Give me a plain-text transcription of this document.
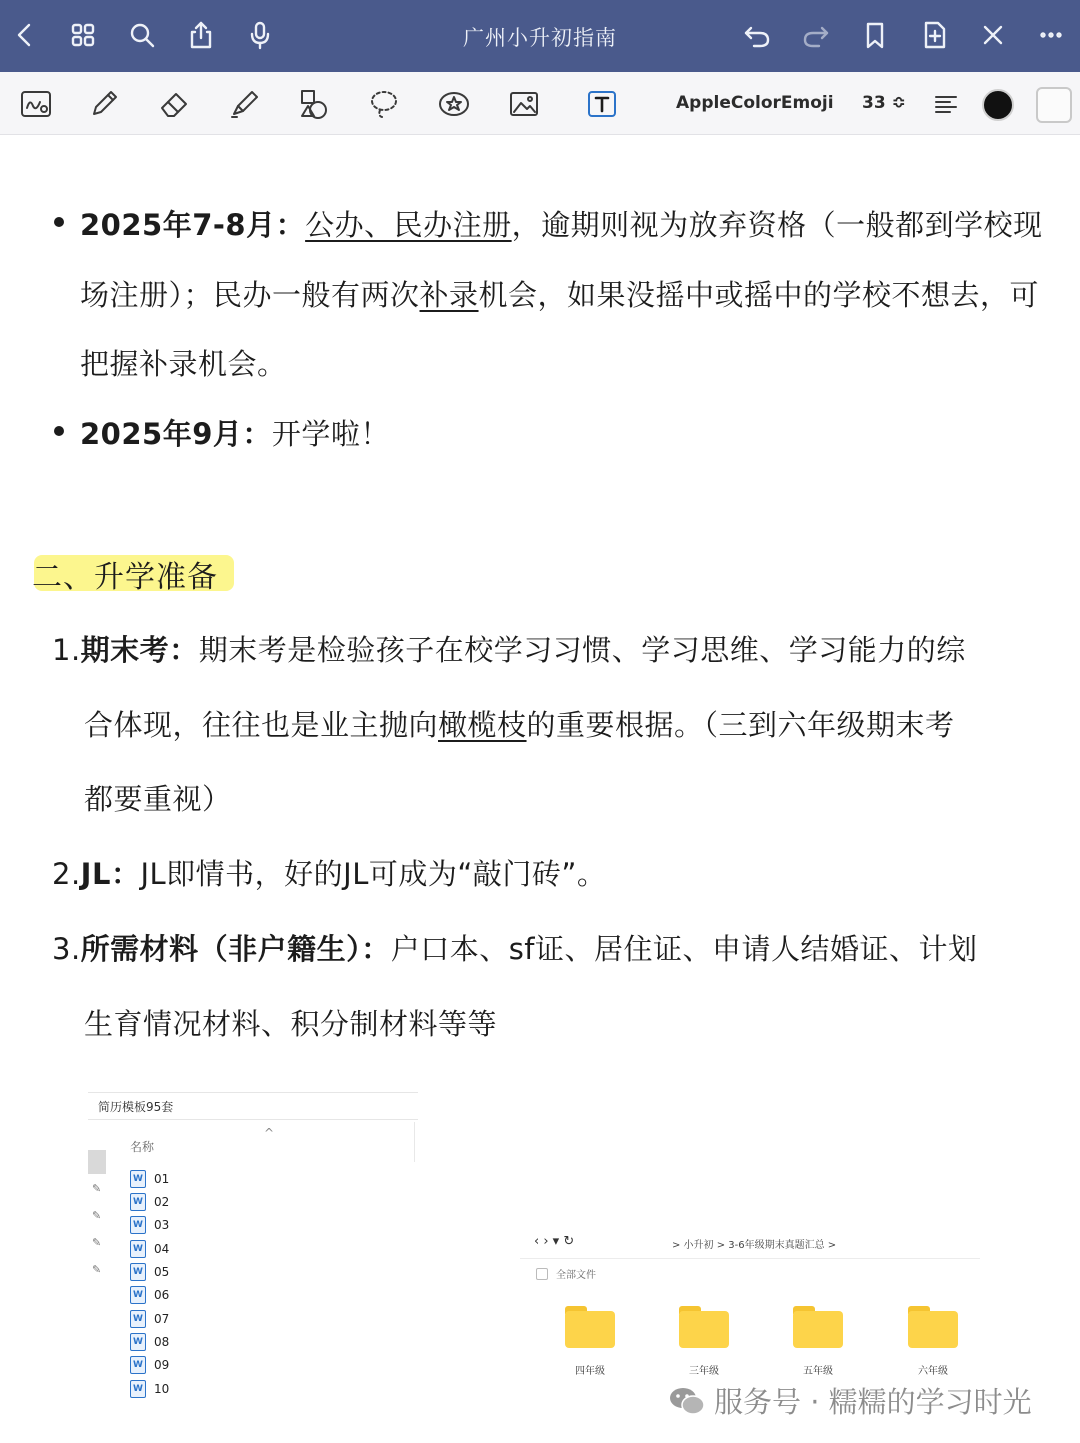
广州小升初指南
AppleColorEmoji 33 ≎
2025年7-8月：公办、民办注册，逾期则视为放弃资格（一般都到学校现
场注册）；民办一般有两次补录机会，如果没摇中或摇中的学校不想去，可
把握补录机会。
2025年9月：开学啦！
二、升学准备
1.期末考：期末考是检验孩子在校学习习惯、学习思维、学习能力的综
合体现，往往也是业主抛向橄榄枝的重要根据。（三到六年级期末考
都要重视）
2.JL：JL即情书，好的JL可成为“敲门砖”。
3.所需材料（非户籍生）：户口本、sf证、居住证、申请人结婚证、计划
生育情况材料、积分制材料等等
简历模板95套
^
名称
✎
✎
✎
✎
W 01
W 02
W 03
W 04
W 05
W 06
W 07
W 08
W 09
W 10
‹ › ▾ ↻	> 小升初 > 3-6年级期末真题汇总 >
全部文件
四年级	三年级	五年级	六年级
服务号 · 糯糯的学习时光
